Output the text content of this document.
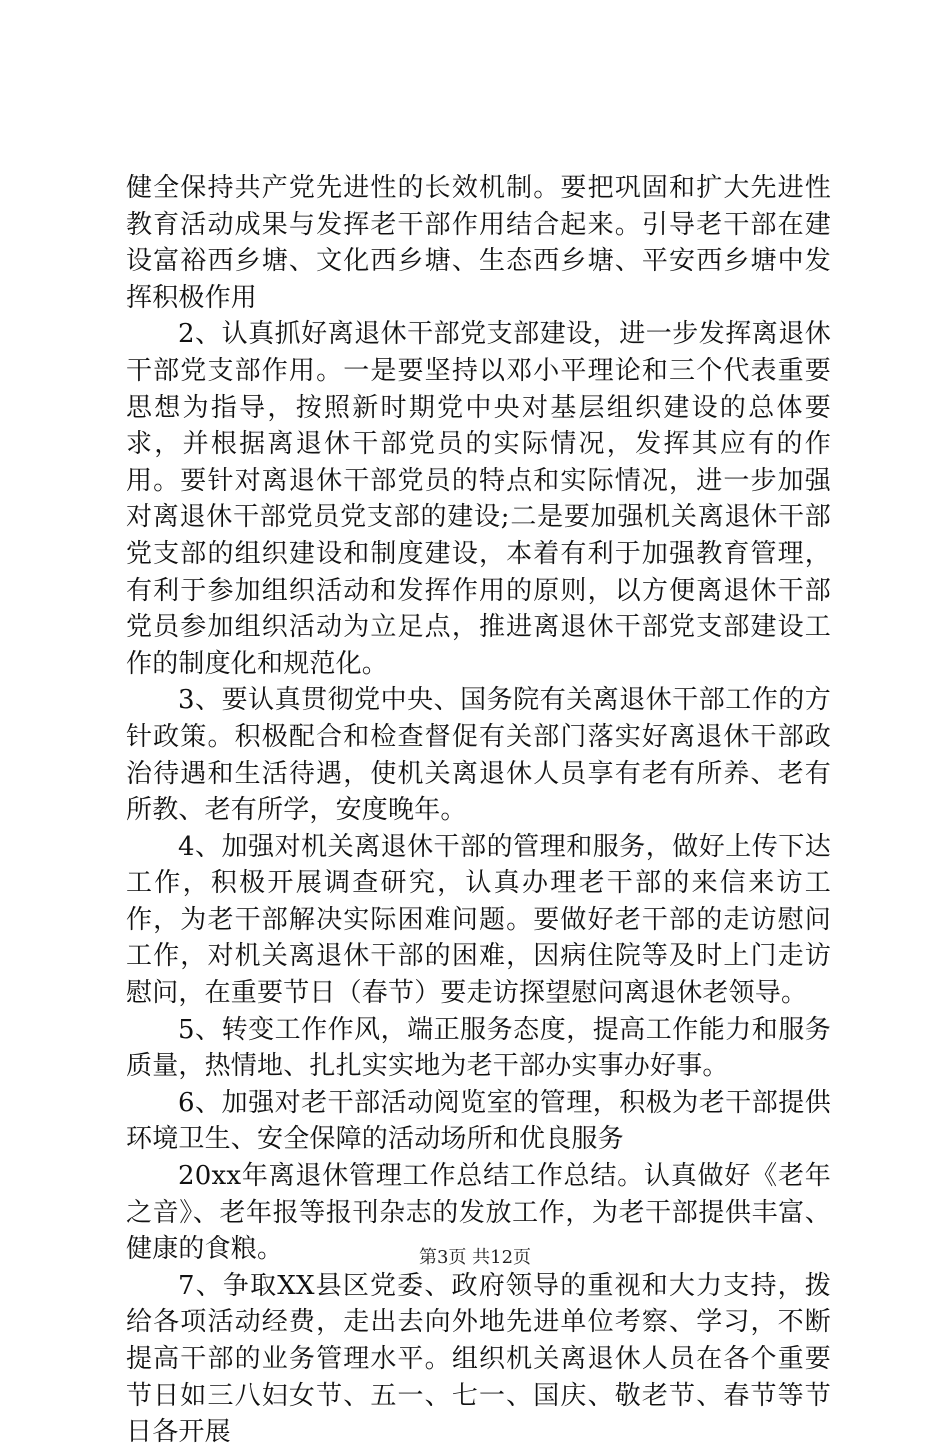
健全保持共产党先进性的长效机制。要把巩固和扩大先进性教育活动成果与发挥老干部作用结合起来。引导老干部在建设富裕西乡塘、文化西乡塘、生态西乡塘、平安西乡塘中发挥积极作用

2、认真抓好离退休干部党支部建设，进一步发挥离退休干部党支部作用。一是要坚持以邓小平理论和三个代表重要思想为指导，按照新时期党中央对基层组织建设的总体要求，并根据离退休干部党员的实际情况，发挥其应有的作用。要针对离退休干部党员的特点和实际情况，进一步加强对离退休干部党员党支部的建设;二是要加强机关离退休干部党支部的组织建设和制度建设，本着有利于加强教育管理，有利于参加组织活动和发挥作用的原则，以方便离退休干部党员参加组织活动为立足点，推进离退休干部党支部建设工作的制度化和规范化。

3、要认真贯彻党中央、国务院有关离退休干部工作的方针政策。积极配合和检查督促有关部门落实好离退休干部政治待遇和生活待遇，使机关离退休人员享有老有所养、老有所教、老有所学，安度晚年。

4、加强对机关离退休干部的管理和服务，做好上传下达工作，积极开展调查研究，认真办理老干部的来信来访工作，为老干部解决实际困难问题。要做好老干部的走访慰问工作，对机关离退休干部的困难，因病住院等及时上门走访慰问，在重要节日（春节）要走访探望慰问离退休老领导。

5、转变工作作风，端正服务态度，提高工作能力和服务质量，热情地、扎扎实实地为老干部办实事办好事。

6、加强对老干部活动阅览室的管理，积极为老干部提供环境卫生、安全保障的活动场所和优良服务

20xx年离退休管理工作总结工作总结。认真做好《老年之音》、老年报等报刊杂志的发放工作，为老干部提供丰富、健康的食粮。

7、争取XX县区党委、政府领导的重视和大力支持，拨给各项活动经费，走出去向外地先进单位考察、学习，不断提高干部的业务管理水平。组织机关离退休人员在各个重要节日如三八妇女节、五一、七一、国庆、敬老节、春节等节日各开展

第3页 共12页
